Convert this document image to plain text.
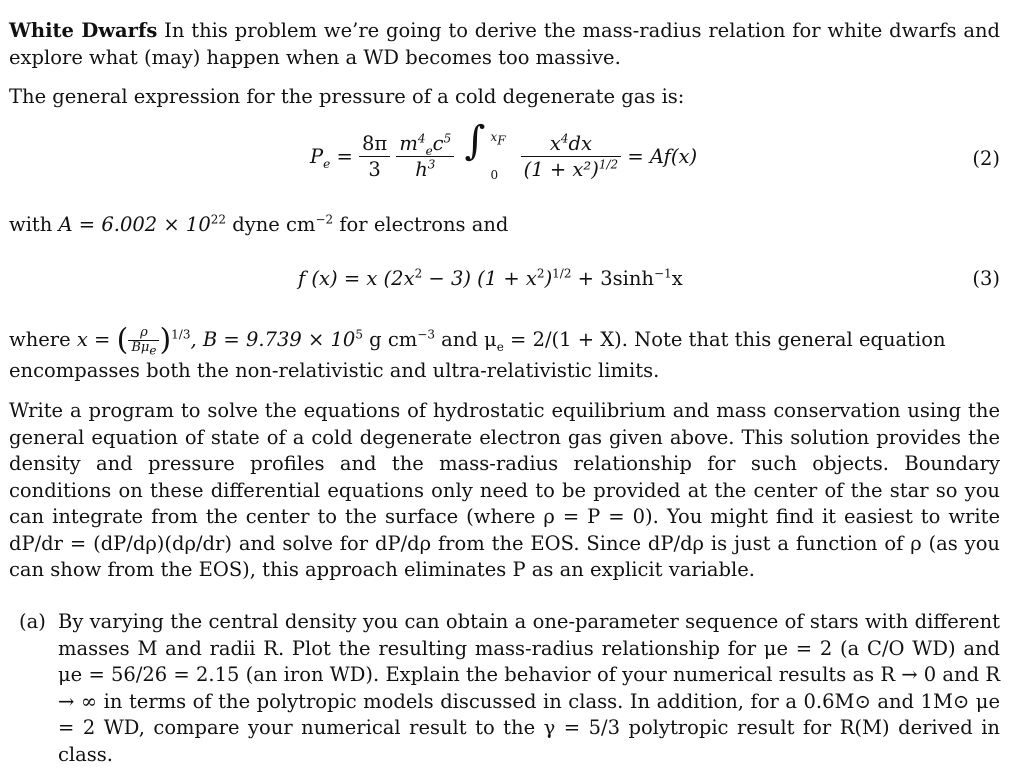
White Dwarfs In this problem we’re going to derive the mass-radius relation for white dwarfs and explore what (may) happen when a WD becomes too massive.
The general expression for the pressure of a cold degenerate gas is:
$P_e = \frac{8\pi}{3}$
$\frac{m^4_ec^5}{h^3}$
∫ $x_F$
0
$\frac{x^4dx}{(1 + x^2)^{1/2}} = Af(x)$	(2)
with $A = 6.002 \times 10^{22}$ dyne $cm^{-2}$ for electrons and
f (x) = x $(2x^2 - 3) (1 + x^2)^{1/2} + 3\sinh^{-1}x$	(3)
where x = ( $\frac{\rho}{B\mu_e} )^{1/3}$, $B = 9.739 \times 10^5$ g $cm^{-3}$ and $\mu_e = 2/(1 + X)$. Note that this general equation
encompasses both the non-relativistic and ultra-relativistic limits.
Write a program to solve the equations of hydrostatic equilibrium and mass conservation using the general equation of state of a cold degenerate electron gas given above. This solution provides the density and pressure profiles and the mass-radius relationship for such objects. Boundary conditions on these differential equations only need to be provided at the center of the star so you can integrate from the center to the surface (where ρ = P = 0). You might find it easiest to write dP/dr = (dP/dρ)(dρ/dr) and solve for dP/dρ from the EOS. Since dP/dρ is just a function of ρ (as you can show from the EOS), this approach eliminates P as an explicit variable.
(a) By varying the central density you can obtain a one-parameter sequence of stars with different masses M and radii R. Plot the resulting mass-radius relationship for μe = 2 (a C/O WD) and μe = 56/26 = 2.15 (an iron WD). Explain the behavior of your numerical results as R → 0 and R → ∞ in terms of the polytropic models discussed in class. In addition, for a 0.6M⊙ and 1M⊙ μe = 2 WD, compare your numerical result to the γ = 5/3 polytropic result for R(M) derived in class.
